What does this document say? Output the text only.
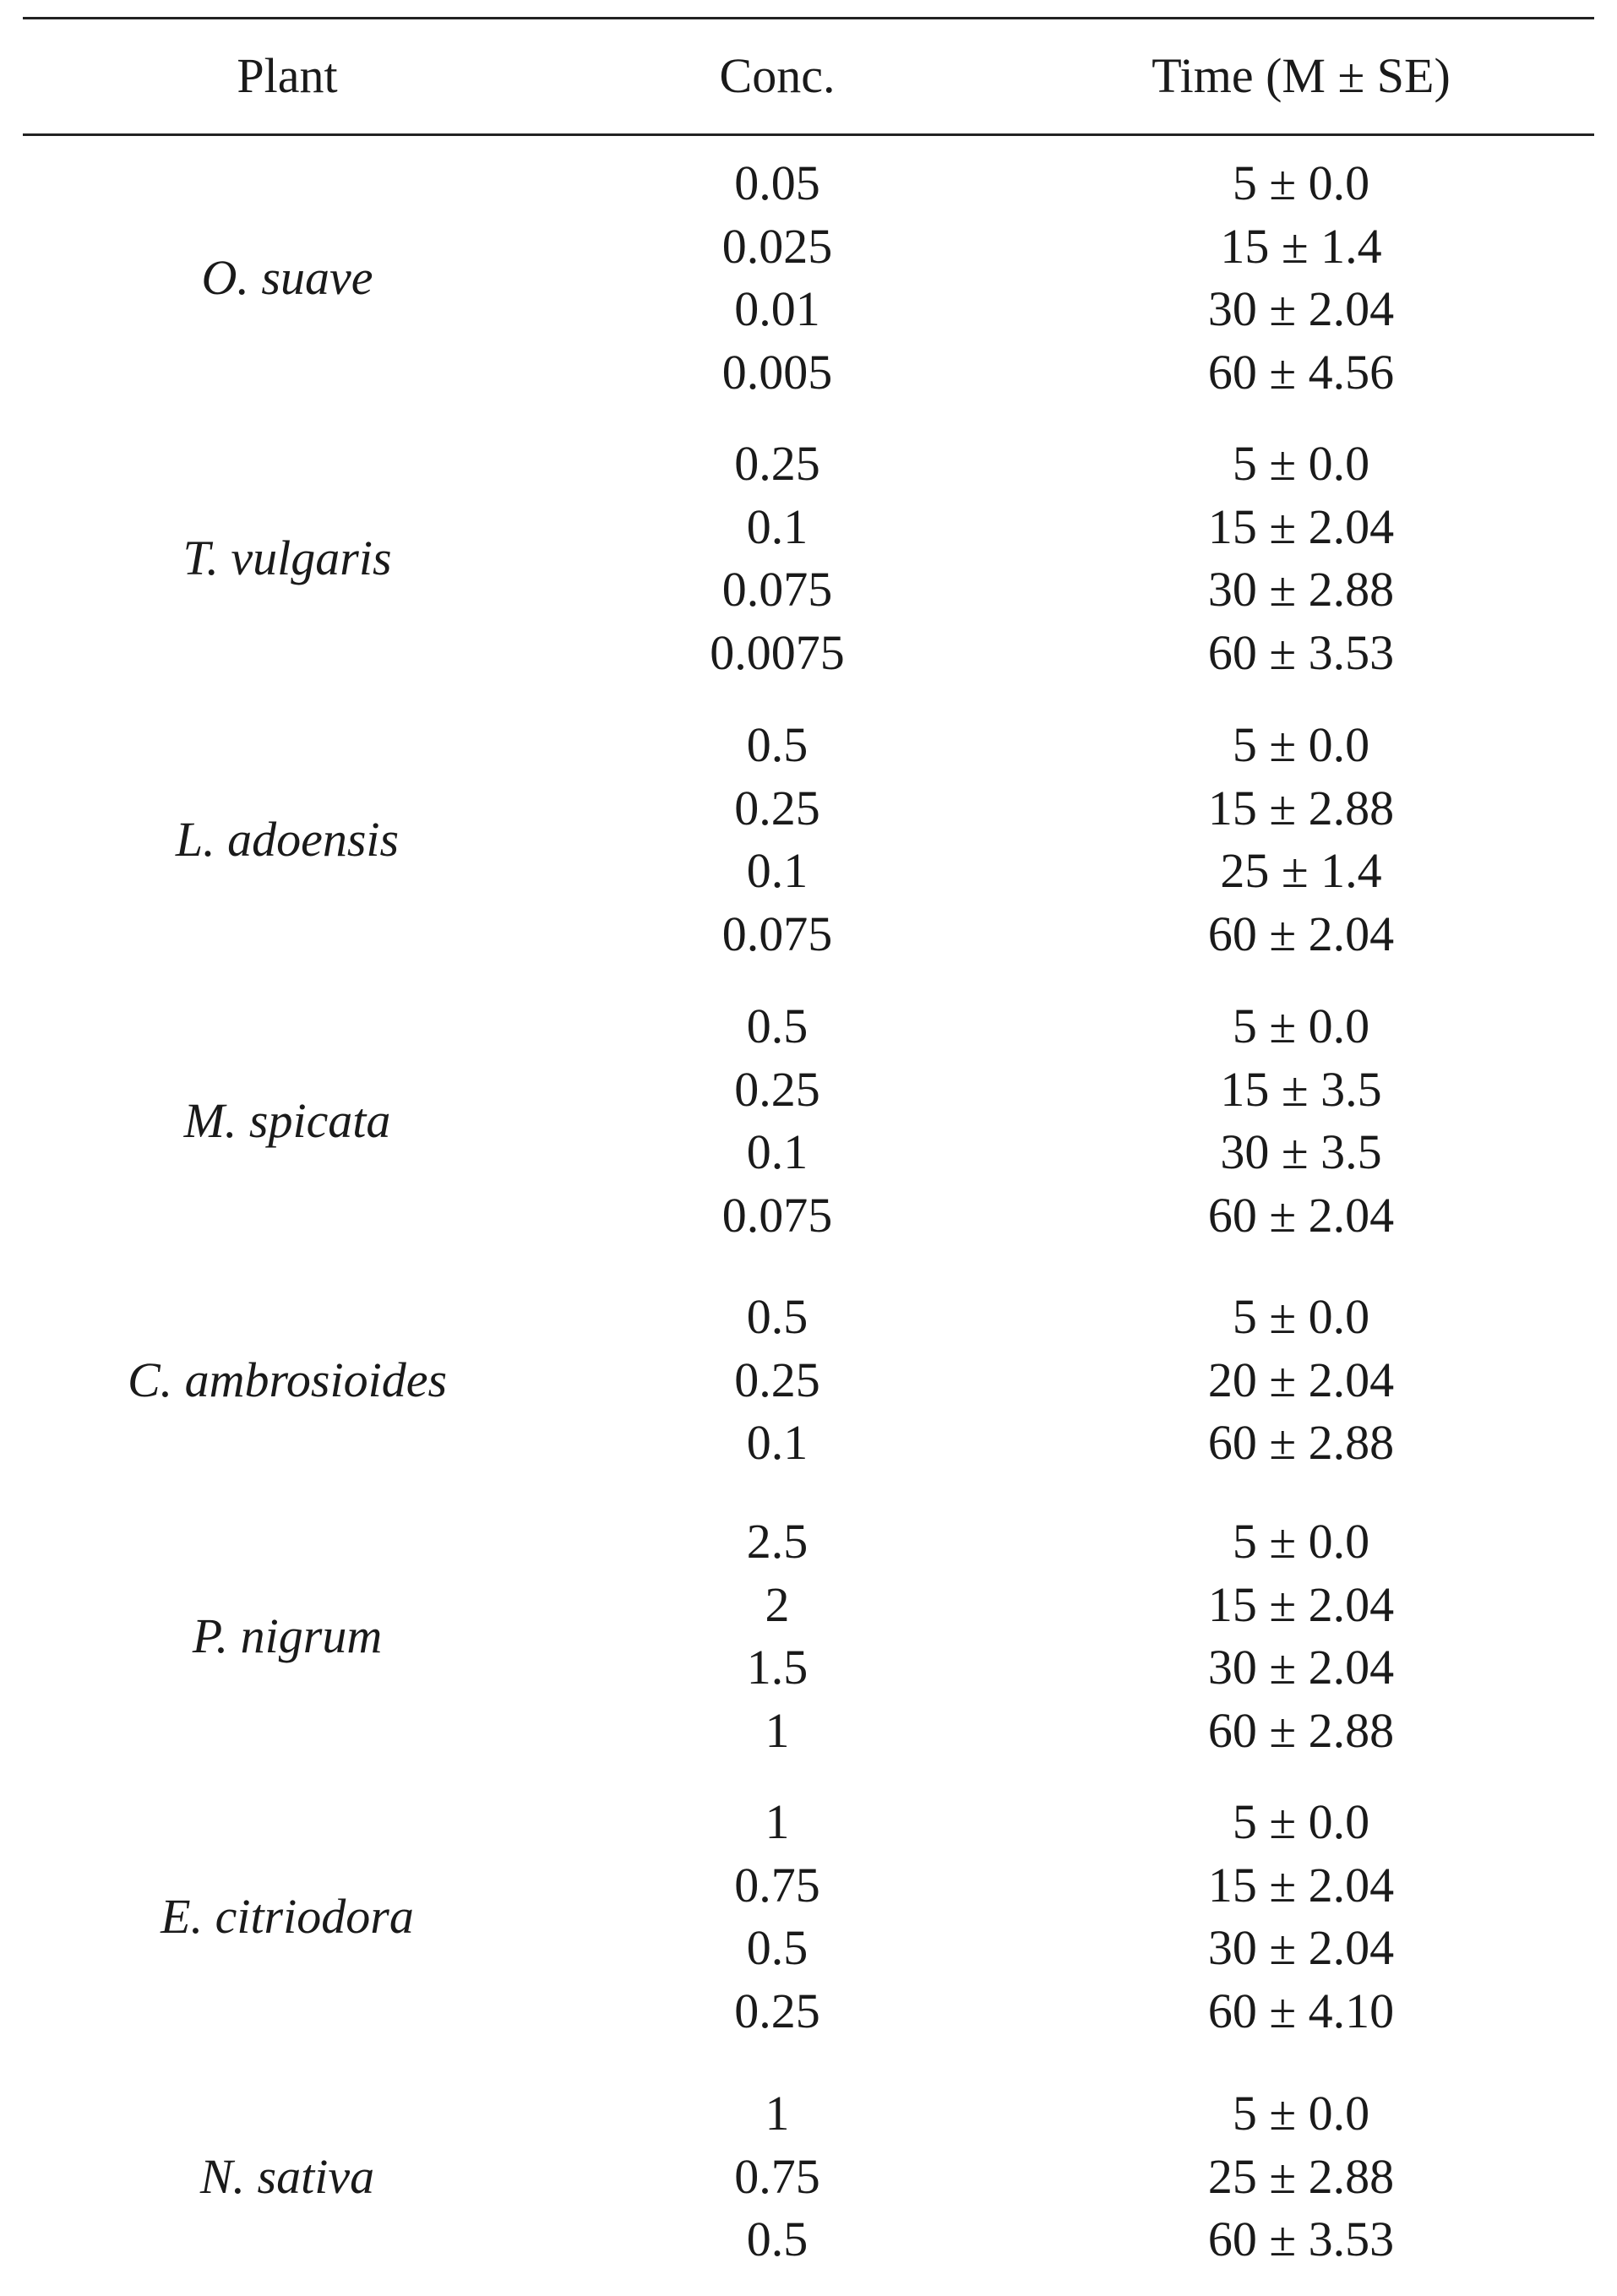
Plant	Conc.	Time (M ± SE)
O. suave
0.05	5 ± 0.0
0.025	15 ± 1.4
0.01	30 ± 2.04
0.005	60 ± 4.56
T. vulgaris
0.25	5 ± 0.0
0.1	15 ± 2.04
0.075	30 ± 2.88
0.0075	60 ± 3.53
L. adoensis
0.5	5 ± 0.0
0.25	15 ± 2.88
0.1	25 ± 1.4
0.075	60 ± 2.04
M. spicata
0.5	5 ± 0.0
0.25	15 ± 3.5
0.1	30 ± 3.5
0.075	60 ± 2.04
C. ambrosioides
0.5	5 ± 0.0
0.25	20 ± 2.04
0.1	60 ± 2.88
P. nigrum
2.5	5 ± 0.0
2	15 ± 2.04
1.5	30 ± 2.04
1	60 ± 2.88
E. citriodora
1	5 ± 0.0
0.75	15 ± 2.04
0.5	30 ± 2.04
0.25	60 ± 4.10
N. sativa
1	5 ± 0.0
0.75	25 ± 2.88
0.5	60 ± 3.53
